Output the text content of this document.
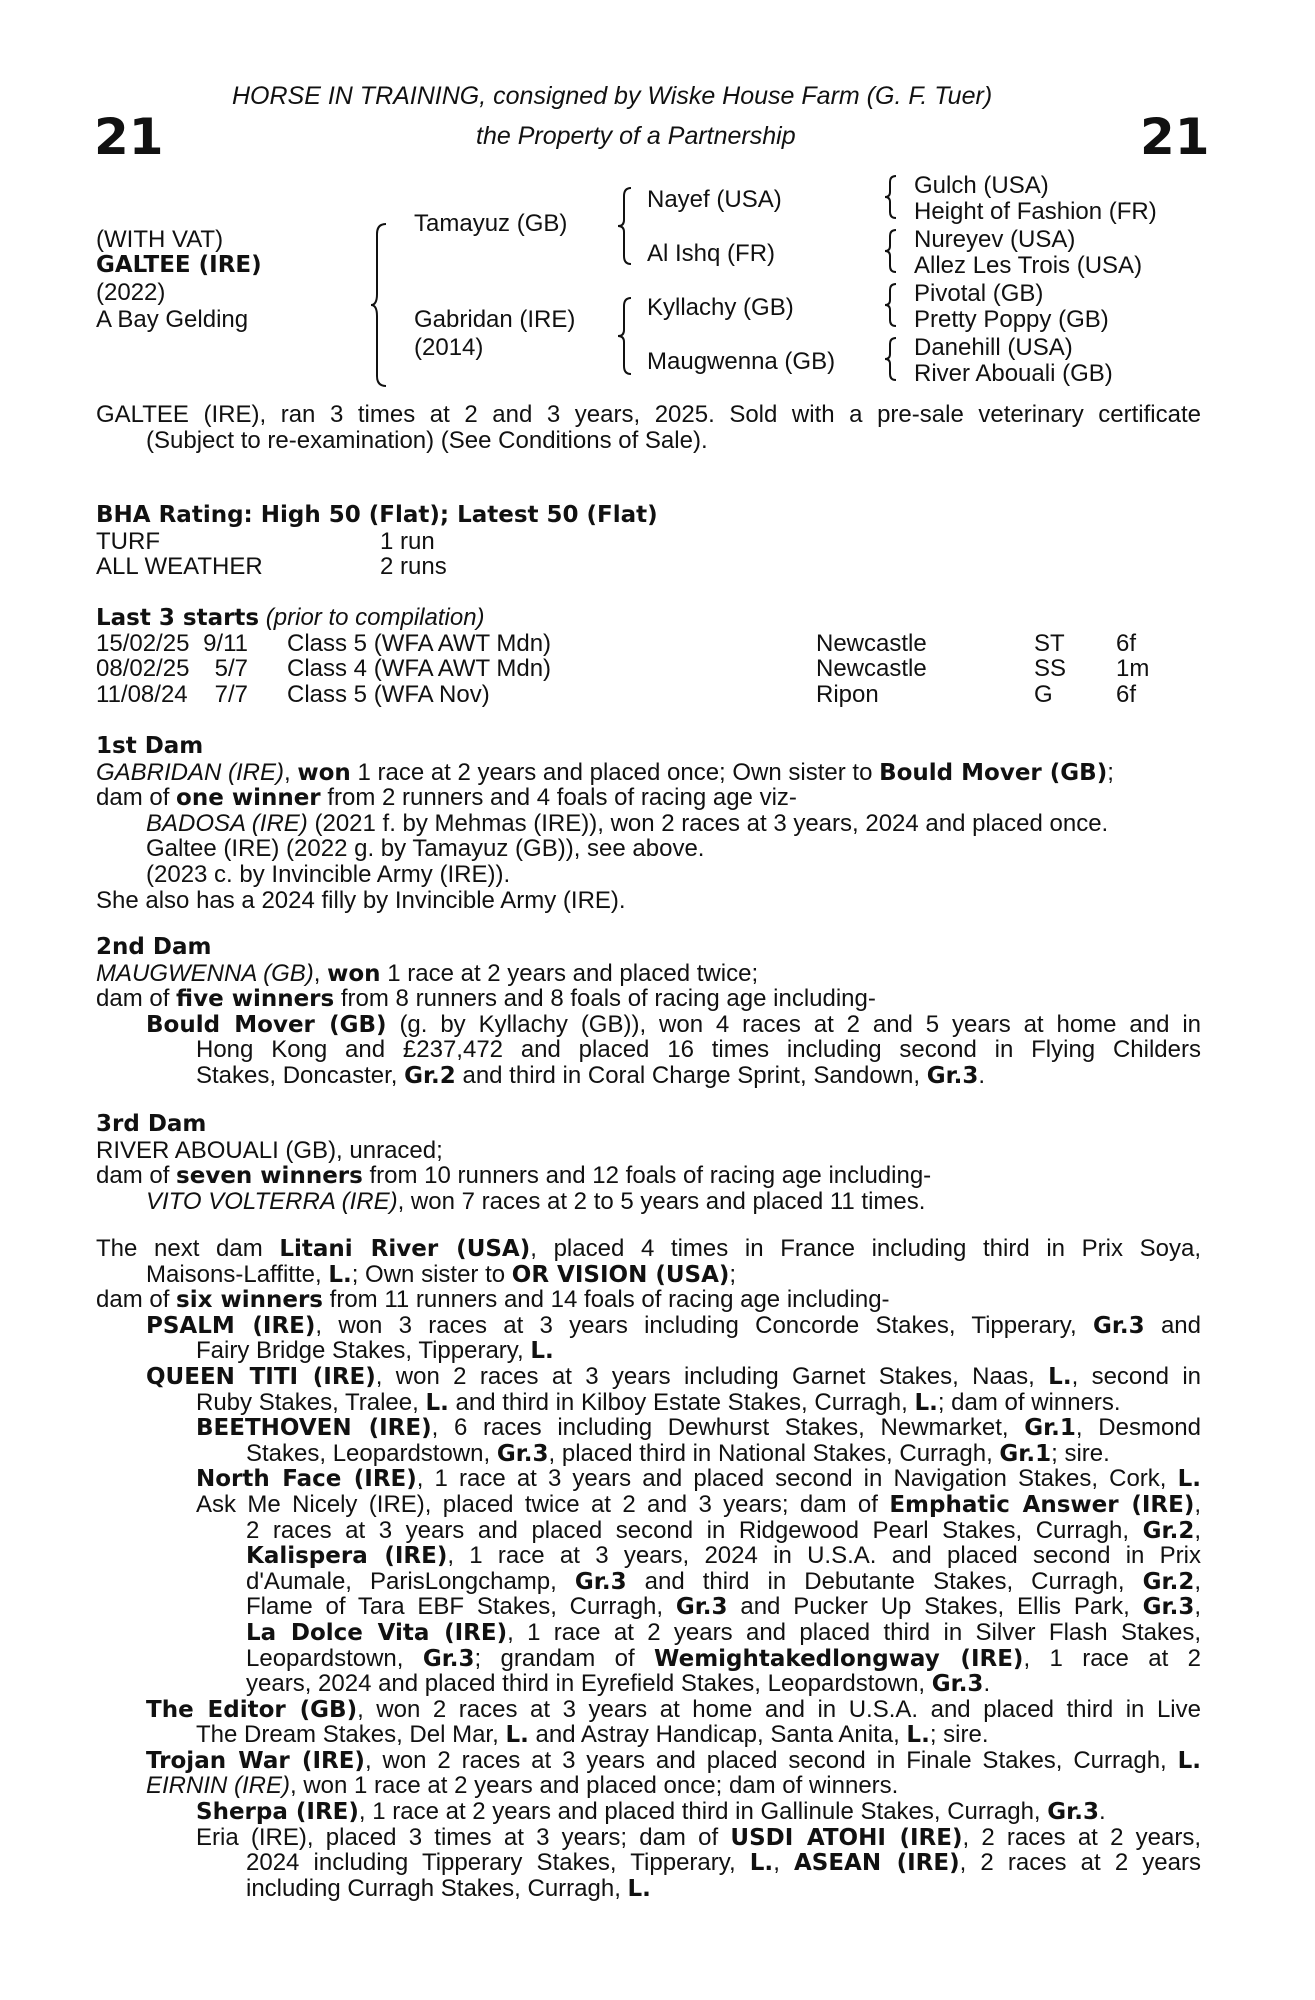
HORSE IN TRAINING, consigned by Wiske House Farm (G. F. Tuer)
the Property of a Partnership
21	21
(WITH VAT)
GALTEE (IRE)
(2022)
A Bay Gelding
Tamayuz (GB)
Gabridan (IRE)
(2014)
Nayef (USA)
Al Ishq (FR)
Kyllachy (GB)
Maugwenna (GB)
Gulch (USA)
Height of Fashion (FR)
Nureyev (USA)
Allez Les Trois (USA)
Pivotal (GB)
Pretty Poppy (GB)
Danehill (USA)
River Abouali (GB)
GALTEE (IRE), ran 3 times at 2 and 3 years, 2025. Sold with a pre-sale veterinary certificate
(Subject to re-examination) (See Conditions of Sale).
BHA Rating: High 50 (Flat); Latest 50 (Flat)
TURF	1 run
ALL WEATHER	2 runs
Last 3 starts (prior to compilation)
15/02/25 9/11 Class 5 (WFA AWT Mdn)	Newcastle	ST 6f
08/02/25	5/7 Class 4 (WFA AWT Mdn)	Newcastle	SS 1m
11/08/24	7/7 Class 5 (WFA Nov)	Ripon	G	6f
1st Dam
GABRIDAN (IRE), won 1 race at 2 years and placed once; Own sister to Bould Mover (GB);
dam of one winner from 2 runners and 4 foals of racing age viz-
BADOSA (IRE) (2021 f. by Mehmas (IRE)), won 2 races at 3 years, 2024 and placed once.
Galtee (IRE) (2022 g. by Tamayuz (GB)), see above.
(2023 c. by Invincible Army (IRE)).
She also has a 2024 filly by Invincible Army (IRE).
2nd Dam
MAUGWENNA (GB), won 1 race at 2 years and placed twice;
dam of five winners from 8 runners and 8 foals of racing age including-
Bould Mover (GB) (g. by Kyllachy (GB)), won 4 races at 2 and 5 years at home and in
Hong Kong and £237,472 and placed 16 times including second in Flying Childers
Stakes, Doncaster, Gr.2 and third in Coral Charge Sprint, Sandown, Gr.3.
3rd Dam
RIVER ABOUALI (GB), unraced;
dam of seven winners from 10 runners and 12 foals of racing age including-
VITO VOLTERRA (IRE), won 7 races at 2 to 5 years and placed 11 times.
The next dam Litani River (USA), placed 4 times in France including third in Prix Soya,
Maisons-Laffitte, L.; Own sister to OR VISION (USA);
dam of six winners from 11 runners and 14 foals of racing age including-
PSALM (IRE), won 3 races at 3 years including Concorde Stakes, Tipperary, Gr.3 and
Fairy Bridge Stakes, Tipperary, L.
QUEEN TITI (IRE), won 2 races at 3 years including Garnet Stakes, Naas, L., second in
Ruby Stakes, Tralee, L. and third in Kilboy Estate Stakes, Curragh, L.; dam of winners.
BEETHOVEN (IRE), 6 races including Dewhurst Stakes, Newmarket, Gr.1, Desmond
Stakes, Leopardstown, Gr.3, placed third in National Stakes, Curragh, Gr.1; sire.
North Face (IRE), 1 race at 3 years and placed second in Navigation Stakes, Cork, L.
Ask Me Nicely (IRE), placed twice at 2 and 3 years; dam of Emphatic Answer (IRE),
2 races at 3 years and placed second in Ridgewood Pearl Stakes, Curragh, Gr.2,
Kalispera (IRE), 1 race at 3 years, 2024 in U.S.A. and placed second in Prix
d'Aumale, ParisLongchamp, Gr.3 and third in Debutante Stakes, Curragh, Gr.2,
Flame of Tara EBF Stakes, Curragh, Gr.3 and Pucker Up Stakes, Ellis Park, Gr.3,
La Dolce Vita (IRE), 1 race at 2 years and placed third in Silver Flash Stakes,
Leopardstown, Gr.3; grandam of Wemightakedlongway (IRE), 1 race at 2
years, 2024 and placed third in Eyrefield Stakes, Leopardstown, Gr.3.
The Editor (GB), won 2 races at 3 years at home and in U.S.A. and placed third in Live
The Dream Stakes, Del Mar, L. and Astray Handicap, Santa Anita, L.; sire.
Trojan War (IRE), won 2 races at 3 years and placed second in Finale Stakes, Curragh, L.
EIRNIN (IRE), won 1 race at 2 years and placed once; dam of winners.
Sherpa (IRE), 1 race at 2 years and placed third in Gallinule Stakes, Curragh, Gr.3.
Eria (IRE), placed 3 times at 3 years; dam of USDI ATOHI (IRE), 2 races at 2 years,
2024 including Tipperary Stakes, Tipperary, L., ASEAN (IRE), 2 races at 2 years
including Curragh Stakes, Curragh, L.
